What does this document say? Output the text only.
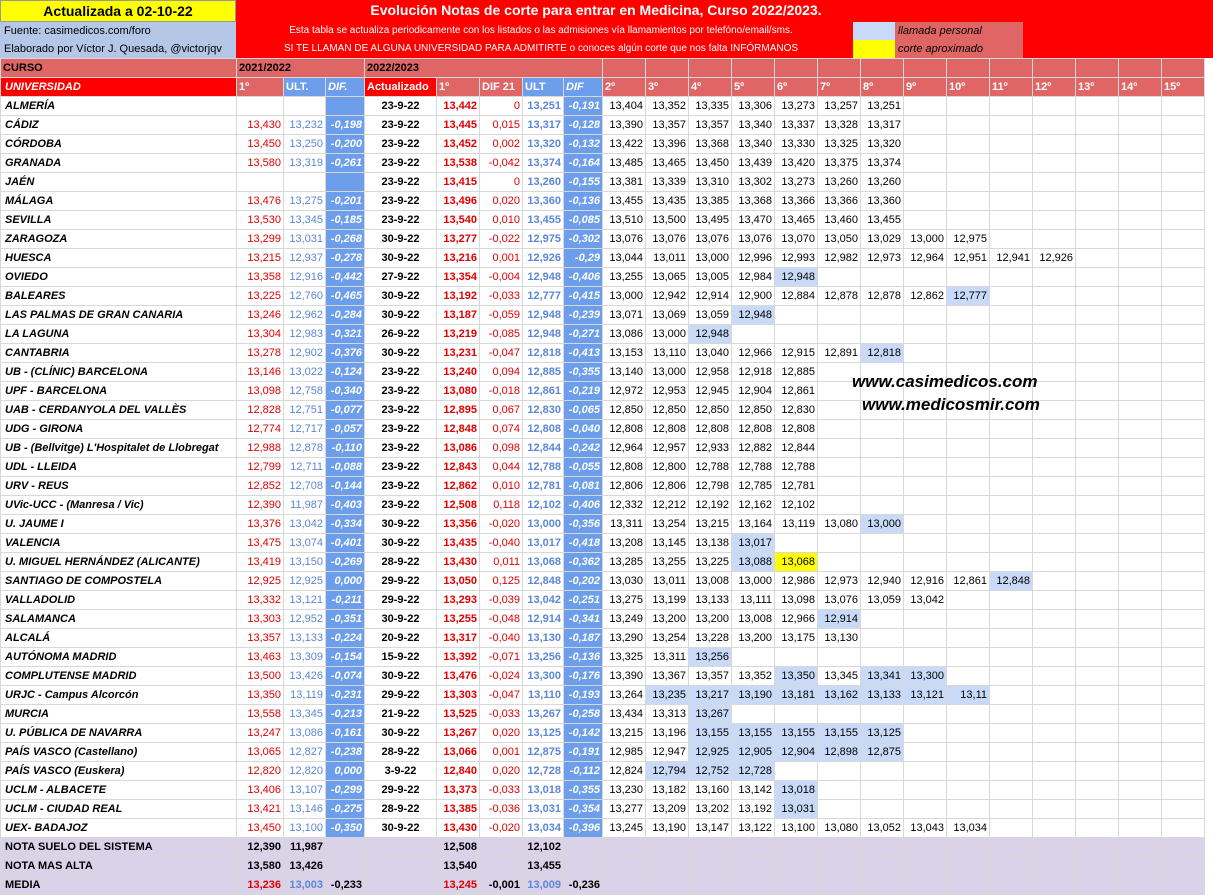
Actualizada a 02-10-22
Fuente: casimedicos.com/foro
Elaborado por Víctor J. Quesada, @victorjqv
Evolución Notas de corte para entrar en Medicina, Curso 2022/2023.
Esta tabla se actualiza periodicamente con los listados o las admisiones vía llamamientos por telefóno/email/sms.
SI TE LLAMAN DE ALGUNA UNIVERSIDAD PARA ADMITIRTE o conoces algún corte que nos falta INFÓRMANOS
llamada personal
corte aproximado
CURSO	2021/2022			2022/2023																		
UNIVERSIDAD	1º	ULT.	DIF.	Actualizado	1º	DIF 21	ULT	DIF	2º	3º	4º	5º	6º	7º	8º	9º	10º	11º	12º	13º	14º	15º
ALMERÍA				23-9-22	13,442	0	13,251	-0,191	13,404	13,352	13,335	13,306	13,273	13,257	13,251							
CÁDIZ	13,430	13,232	-0,198	23-9-22	13,445	0,015	13,317	-0,128	13,390	13,357	13,357	13,340	13,337	13,328	13,317							
CÓRDOBA	13,450	13,250	-0,200	23-9-22	13,452	0,002	13,320	-0,132	13,422	13,396	13,368	13,340	13,330	13,325	13,320							
GRANADA	13,580	13,319	-0,261	23-9-22	13,538	-0,042	13,374	-0,164	13,485	13,465	13,450	13,439	13,420	13,375	13,374							
JAÉN				23-9-22	13,415	0	13,260	-0,155	13,381	13,339	13,310	13,302	13,273	13,260	13,260							
MÁLAGA	13,476	13,275	-0,201	23-9-22	13,496	0,020	13,360	-0,136	13,455	13,435	13,385	13,368	13,366	13,366	13,360							
SEVILLA	13,530	13,345	-0,185	23-9-22	13,540	0,010	13,455	-0,085	13,510	13,500	13,495	13,470	13,465	13,460	13,455							
ZARAGOZA	13,299	13,031	-0,268	30-9-22	13,277	-0,022	12,975	-0,302	13,076	13,076	13,076	13,076	13,070	13,050	13,029	13,000	12,975					
HUESCA	13,215	12,937	-0,278	30-9-22	13,216	0,001	12,926	-0,29	13,044	13,011	13,000	12,996	12,993	12,982	12,973	12,964	12,951	12,941	12,926			
OVIEDO	13,358	12,916	-0,442	27-9-22	13,354	-0,004	12,948	-0,406	13,255	13,065	13,005	12,984	12,948									
BALEARES	13,225	12,760	-0,465	30-9-22	13,192	-0,033	12,777	-0,415	13,000	12,942	12,914	12,900	12,884	12,878	12,878	12,862	12,777					
LAS PALMAS DE GRAN CANARIA	13,246	12,962	-0,284	30-9-22	13,187	-0,059	12,948	-0,239	13,071	13,069	13,059	12,948										
LA LAGUNA	13,304	12,983	-0,321	26-9-22	13,219	-0,085	12,948	-0,271	13,086	13,000	12,948											
CANTABRIA	13,278	12,902	-0,376	30-9-22	13,231	-0,047	12,818	-0,413	13,153	13,110	13,040	12,966	12,915	12,891	12,818							
UB - (CLÍNIC) BARCELONA	13,146	13,022	-0,124	23-9-22	13,240	0,094	12,885	-0,355	13,140	13,000	12,958	12,918	12,885									
UPF - BARCELONA	13,098	12,758	-0,340	23-9-22	13,080	-0,018	12,861	-0,219	12,972	12,953	12,945	12,904	12,861									
UAB - CERDANYOLA DEL VALLÈS	12,828	12,751	-0,077	23-9-22	12,895	0,067	12,830	-0,065	12,850	12,850	12,850	12,850	12,830									
UDG - GIRONA	12,774	12,717	-0,057	23-9-22	12,848	0,074	12,808	-0,040	12,808	12,808	12,808	12,808	12,808									
UB - (Bellvitge) L'Hospitalet de Llobregat	12,988	12,878	-0,110	23-9-22	13,086	0,098	12,844	-0,242	12,964	12,957	12,933	12,882	12,844									
UDL - LLEIDA	12,799	12,711	-0,088	23-9-22	12,843	0,044	12,788	-0,055	12,808	12,800	12,788	12,788	12,788									
URV - REUS	12,852	12,708	-0,144	23-9-22	12,862	0,010	12,781	-0,081	12,806	12,806	12,798	12,785	12,781									
UVic-UCC - (Manresa / Vic)	12,390	11,987	-0,403	23-9-22	12,508	0,118	12,102	-0,406	12,332	12,212	12,192	12,162	12,102									
U. JAUME I	13,376	13,042	-0,334	30-9-22	13,356	-0,020	13,000	-0,356	13,311	13,254	13,215	13,164	13,119	13,080	13,000							
VALENCIA	13,475	13,074	-0,401	30-9-22	13,435	-0,040	13,017	-0,418	13,208	13,145	13,138	13,017										
U. MIGUEL HERNÁNDEZ (ALICANTE)	13,419	13,150	-0,269	28-9-22	13,430	0,011	13,068	-0,362	13,285	13,255	13,225	13,088	13,068									
SANTIAGO DE COMPOSTELA	12,925	12,925	0,000	29-9-22	13,050	0,125	12,848	-0,202	13,030	13,011	13,008	13,000	12,986	12,973	12,940	12,916	12,861	12,848				
VALLADOLID	13,332	13,121	-0,211	29-9-22	13,293	-0,039	13,042	-0,251	13,275	13,199	13,133	13,111	13,098	13,076	13,059	13,042						
SALAMANCA	13,303	12,952	-0,351	30-9-22	13,255	-0,048	12,914	-0,341	13,249	13,200	13,200	13,008	12,966	12,914								
ALCALÁ	13,357	13,133	-0,224	20-9-22	13,317	-0,040	13,130	-0,187	13,290	13,254	13,228	13,200	13,175	13,130								
AUTÓNOMA MADRID	13,463	13,309	-0,154	15-9-22	13,392	-0,071	13,256	-0,136	13,325	13,311	13,256											
COMPLUTENSE MADRID	13,500	13,426	-0,074	30-9-22	13,476	-0,024	13,300	-0,176	13,390	13,367	13,357	13,352	13,350	13,345	13,341	13,300						
URJC - Campus Alcorcón	13,350	13,119	-0,231	29-9-22	13,303	-0,047	13,110	-0,193	13,264	13,235	13,217	13,190	13,181	13,162	13,133	13,121	13,11					
MURCIA	13,558	13,345	-0,213	21-9-22	13,525	-0,033	13,267	-0,258	13,434	13,313	13,267											
U. PÚBLICA DE NAVARRA	13,247	13,086	-0,161	30-9-22	13,267	0,020	13,125	-0,142	13,215	13,196	13,155	13,155	13,155	13,155	13,125							
PAÍS VASCO (Castellano)	13,065	12,827	-0,238	28-9-22	13,066	0,001	12,875	-0,191	12,985	12,947	12,925	12,905	12,904	12,898	12,875							
PAÍS VASCO (Euskera)	12,820	12,820	0,000	3-9-22	12,840	0,020	12,728	-0,112	12,824	12,794	12,752	12,728										
UCLM - ALBACETE	13,406	13,107	-0,299	29-9-22	13,373	-0,033	13,018	-0,355	13,230	13,182	13,160	13,142	13,018									
UCLM - CIUDAD REAL	13,421	13,146	-0,275	28-9-22	13,385	-0,036	13,031	-0,354	13,277	13,209	13,202	13,192	13,031									
UEX- BADAJOZ	13,450	13,100	-0,350	30-9-22	13,430	-0,020	13,034	-0,396	13,245	13,190	13,147	13,122	13,100	13,080	13,052	13,043	13,034					
NOTA SUELO DEL SISTEMA	12,390	11,987			12,508		12,102															
NOTA MAS ALTA	13,580	13,426			13,540		13,455															
MEDIA	13,236	13,003	-0,233		13,245	-0,001	13,009	-0,236														
www.casimedicos.com
www.medicosmir.com
